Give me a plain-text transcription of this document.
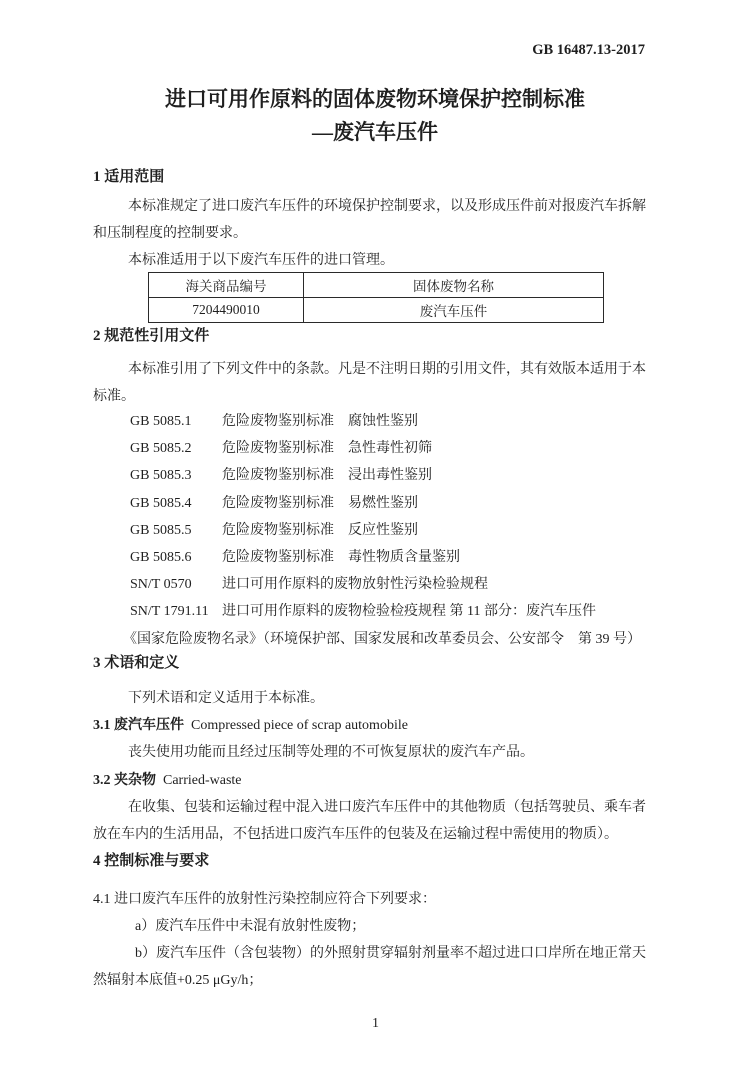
GB 16487.13-2017
进口可用作原料的固体废物环境保护控制标准
—废汽车压件
1 适用范围

本标准规定了进口废汽车压件的环境保护控制要求，以及形成压件前对报废汽车拆解和压制程度的控制要求。

本标准适用于以下废汽车压件的进口管理。

海关商品编号	固体废物名称
7204490010	废汽车压件
2 规范性引用文件

本标准引用了下列文件中的条款。凡是不注明日期的引用文件，其有效版本适用于本标准。

GB 5085.1	危险废物鉴别标准　腐蚀性鉴别
GB 5085.2	危险废物鉴别标准　急性毒性初筛
GB 5085.3	危险废物鉴别标准　浸出毒性鉴别
GB 5085.4	危险废物鉴别标准　易燃性鉴别
GB 5085.5	危险废物鉴别标准　反应性鉴别
GB 5085.6	危险废物鉴别标准　毒性物质含量鉴别
SN/T 0570	进口可用作原料的废物放射性污染检验规程
SN/T 1791.11 进口可用作原料的废物检验检疫规程 第 11 部分：废汽车压件
《国家危险废物名录》（环境保护部、国家发展和改革委员会、公安部令　第 39 号）
3 术语和定义

下列术语和定义适用于本标准。

3.1 废汽车压件 Compressed piece of scrap automobile

丧失使用功能而且经过压制等处理的不可恢复原状的废汽车产品。

3.2 夹杂物 Carried-waste

在收集、包装和运输过程中混入进口废汽车压件中的其他物质（包括驾驶员、乘车者放在车内的生活用品，不包括进口废汽车压件的包装及在运输过程中需使用的物质）。

4 控制标准与要求

4.1 进口废汽车压件的放射性污染控制应符合下列要求：

a）废汽车压件中未混有放射性废物；

b）废汽车压件（含包装物）的外照射贯穿辐射剂量率不超过进口口岸所在地正常天然辐射本底值+0.25 μGy/h；

1
